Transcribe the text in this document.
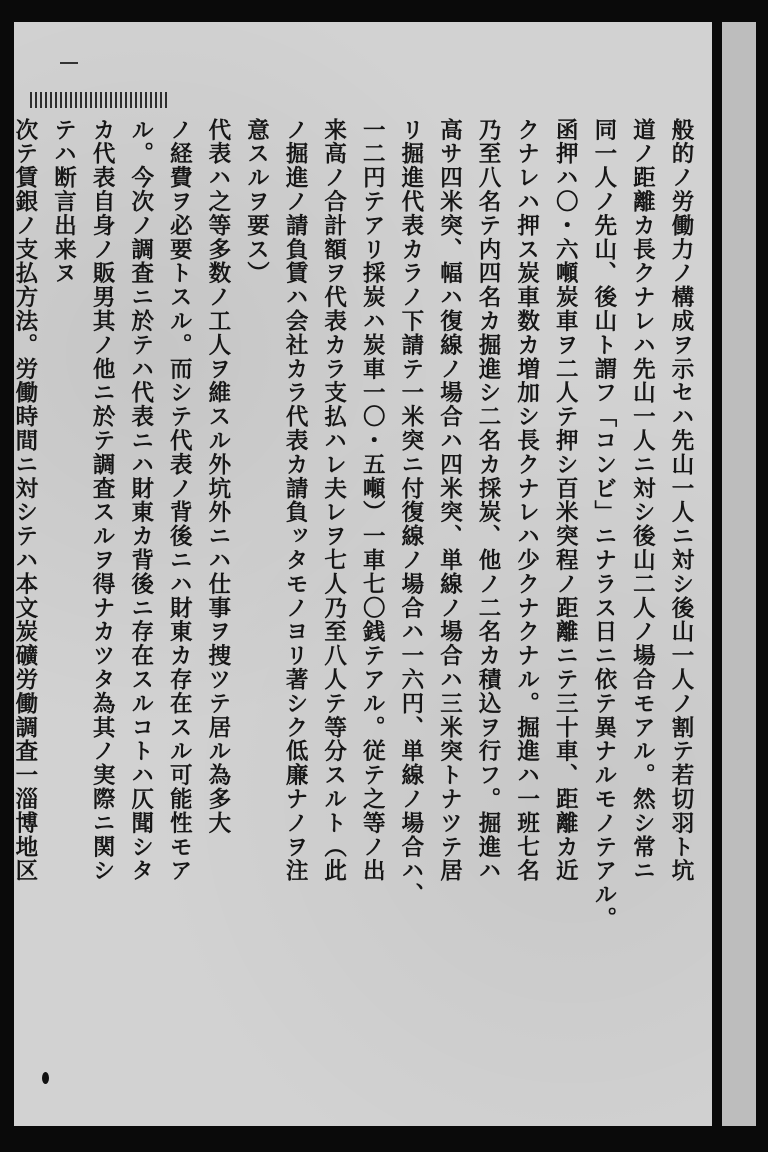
般的ノ労働力ノ構成ヲ示セハ先山一人ニ対シ後山一人ノ割テ若切羽ト坑

道ノ距離カ長クナレハ先山一人ニ対シ後山二人ノ場合モアル。然シ常ニ

同一人ノ先山、後山ト謂フ「コンビ」ニナラス日ニ依テ異ナルモノテアル。

函押ハ〇・六噸炭車ヲ二人テ押シ百米突程ノ距離ニテ三十車、距離カ近

クナレハ押ス炭車数カ増加シ長クナレハ少クナクナル。掘進ハ一班七名

乃至八名テ内四名カ掘進シ二名カ採炭、他ノ二名カ積込ヲ行フ。掘進ハ

高サ四米突、幅ハ復線ノ場合ハ四米突、単線ノ場合ハ三米突トナツテ居

リ掘進代表カラノ下請テ一米突ニ付復線ノ場合ハ一六円、単線ノ場合ハ、

一二円テアリ採炭ハ炭車一〇・五噸）一車七〇銭テアル。従テ之等ノ出

来高ノ合計額ヲ代表カラ支払ハレ夫レヲ七人乃至八人テ等分スルト（此

ノ掘進ノ請負賃ハ会社カラ代表カ請負ッタモノヨリ著シク低廉ナノヲ注

意スルヲ要ス）

代表ハ之等多数ノ工人ヲ維スル外坑外ニハ仕事ヲ捜ツテ居ル為多大

ノ経費ヲ必要トスル。而シテ代表ノ背後ニハ財東カ存在スル可能性モア

ル。今次ノ調査ニ於テハ代表ニハ財東カ背後ニ存在スルコトハ仄聞シタ

カ代表自身ノ販男其ノ他ニ於テ調査スルヲ得ナカツタ為其ノ実際ニ関シ

テハ断言出来ヌ

次テ賃銀ノ支払方法。労働時間ニ対シテハ本文炭礦労働調査一淄博地区
